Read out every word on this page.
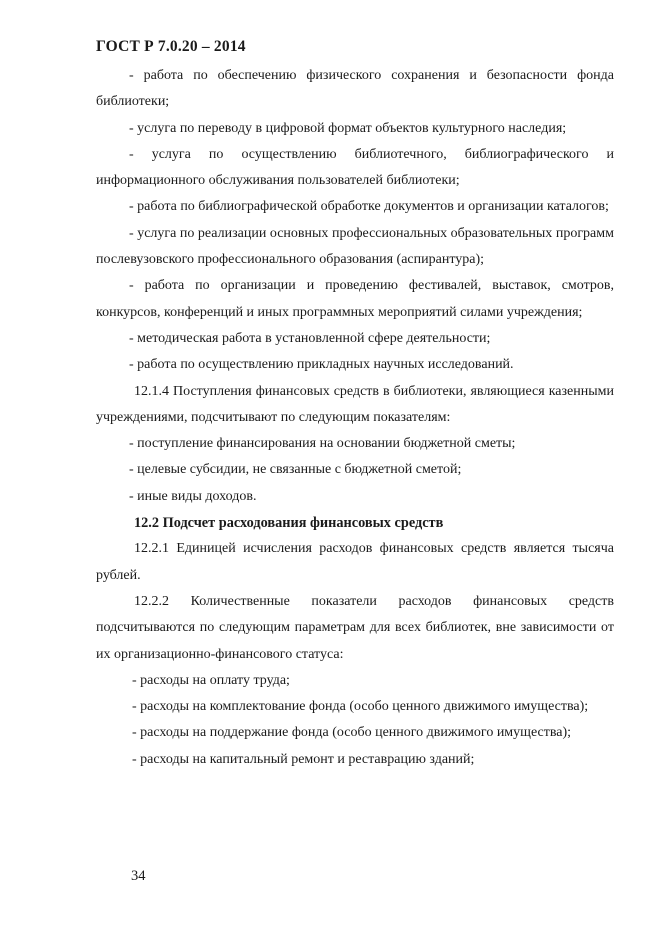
ГОСТ Р 7.0.20 – 2014

- работа по обеспечению физического сохранения и безопасности фонда библиотеки;

- услуга по переводу в цифровой формат объектов культурного наследия;

- услуга по осуществлению библиотечного, библиографического и информационного обслуживания пользователей библиотеки;

- работа по библиографической обработке документов и организации каталогов;

- услуга по реализации основных профессиональных образовательных программ послевузовского профессионального образования (аспирантура);

- работа по организации и проведению фестивалей, выставок, смотров, конкурсов, конференций и иных программных мероприятий силами учреждения;

- методическая работа в установленной сфере деятельности;

- работа по осуществлению прикладных научных исследований.

12.1.4 Поступления финансовых средств в библиотеки, являющиеся казенными учреждениями, подсчитывают по следующим показателям:

- поступление финансирования на основании бюджетной сметы;

- целевые субсидии, не связанные с бюджетной сметой;

- иные виды доходов.

12.2 Подсчет расходования финансовых средств

12.2.1 Единицей исчисления расходов финансовых средств является тысяча рублей.

12.2.2 Количественные показатели расходов финансовых средств подсчитываются по следующим параметрам для всех библиотек, вне зависимости от их организационно-финансового статуса:

- расходы на оплату труда;

- расходы на комплектование фонда (особо ценного движимого имущества);

- расходы на поддержание фонда (особо ценного движимого имущества);

- расходы на капитальный ремонт и реставрацию зданий;

34
